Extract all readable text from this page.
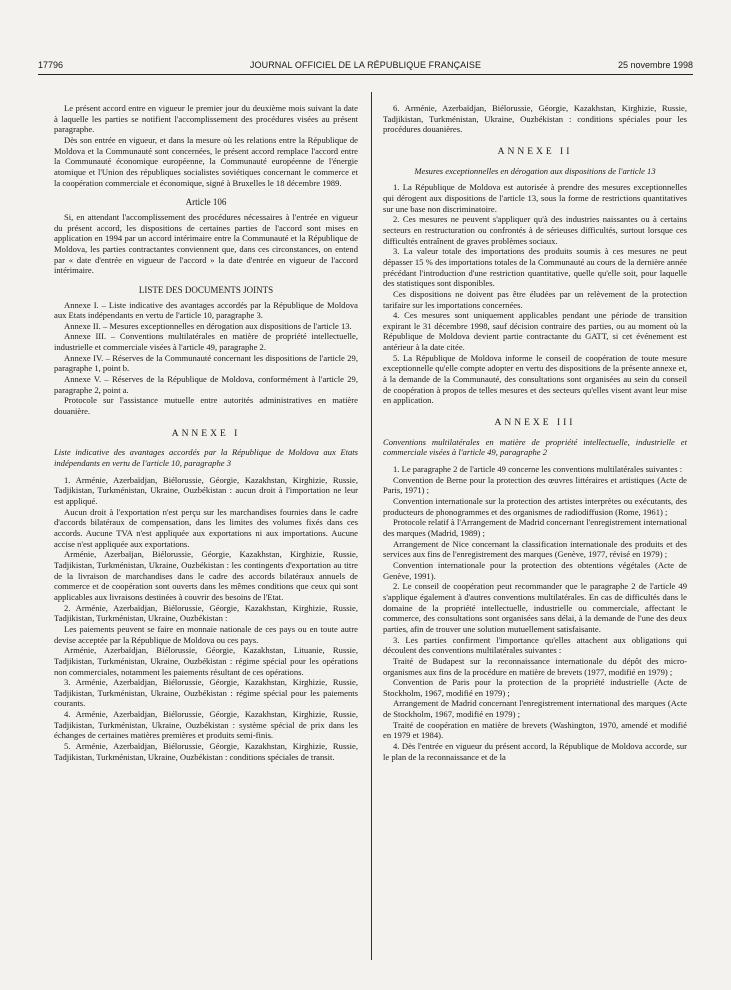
17796	JOURNAL OFFICIEL DE LA RÉPUBLIQUE FRANÇAISE	25 novembre 1998

Le présent accord entre en vigueur le premier jour du deuxième mois suivant la date à laquelle les parties se notifient l'accomplissement des procédures visées au présent paragraphe.

Dès son entrée en vigueur, et dans la mesure où les relations entre la République de Moldova et la Communauté sont concernées, le présent accord remplace l'accord entre la Communauté économique européenne, la Communauté européenne de l'énergie atomique et l'Union des républiques socialistes soviétiques concernant le commerce et la coopération commerciale et économique, signé à Bruxelles le 18 décembre 1989.

Article 106

Si, en attendant l'accomplissement des procédures nécessaires à l'entrée en vigueur du présent accord, les dispositions de certaines parties de l'accord sont mises en application en 1994 par un accord intérimaire entre la Communauté et la République de Moldova, les parties contractantes conviennent que, dans ces circonstances, on entend par « date d'entrée en vigueur de l'accord » la date d'entrée en vigueur de l'accord intérimaire.

LISTE DES DOCUMENTS JOINTS

Annexe I. – Liste indicative des avantages accordés par la République de Moldova aux Etats indépendants en vertu de l'article 10, paragraphe 3.

Annexe II. – Mesures exceptionnelles en dérogation aux dispositions de l'article 13.

Annexe III. – Conventions multilatérales en matière de propriété intellectuelle, industrielle et commerciale visées à l'article 49, paragraphe 2.

Annexe IV. – Réserves de la Communauté concernant les dispositions de l'article 29, paragraphe 1, point b.

Annexe V. – Réserves de la République de Moldova, conformément à l'article 29, paragraphe 2, point a.

Protocole sur l'assistance mutuelle entre autorités administratives en matière douanière.

ANNEXE I

Liste indicative des avantages accordés par la République de Moldova aux Etats indépendants en vertu de l'article 10, paragraphe 3

1. Arménie, Azerbaïdjan, Biélorussie, Géorgie, Kazakhstan, Kirghizie, Russie, Tadjikistan, Turkménistan, Ukraine, Ouzbékistan : aucun droit à l'importation ne leur est appliqué.

Aucun droit à l'exportation n'est perçu sur les marchandises fournies dans le cadre d'accords bilatéraux de compensation, dans les limites des volumes fixés dans ces accords. Aucune TVA n'est appliquée aux exportations ni aux importations. Aucune accise n'est appliquée aux exportations.

Arménie, Azerbaïjan, Biélorussie, Géorgie, Kazakhstan, Kirghizie, Russie, Tadjikistan, Turkménistan, Ukraine, Ouzbékistan : les contingents d'exportation au titre de la livraison de marchandises dans le cadre des accords bilatéraux annuels de commerce et de coopération sont ouverts dans les mêmes conditions que ceux qui sont applicables aux livraisons destinées à couvrir des besoins de l'Etat.

2. Arménie, Azerbaïdjan, Biélorussie, Géorgie, Kazakhstan, Kirghizie, Russie, Tadjikistan, Turkménistan, Ukraine, Ouzbékistan :

Les paiements peuvent se faire en monnaie nationale de ces pays ou en toute autre devise acceptée par la République de Moldova ou ces pays.

Arménie, Azerbaïdjan, Biélorussie, Géorgie, Kazakhstan, Lituanie, Russie, Tadjikistan, Turkménistan, Ukraine, Ouzbékistan : régime spécial pour les opérations non commerciales, notamment les paiements résultant de ces opérations.

3. Arménie, Azerbaïdjan, Biélorussie, Géorgie, Kazakhstan, Kirghizie, Russie, Tadjikistan, Turkménistan, Ukraine, Ouzbékistan : régime spécial pour les paiements courants.

4. Arménie, Azerbaïdjan, Biélorussie, Géorgie, Kazakhstan, Kirghizie, Russie, Tadjikistan, Turkménistan, Ukraine, Ouzbékistan : système spécial de prix dans les échanges de certaines matières premières et produits semi-finis.

5. Arménie, Azerbaïdjan, Biélorussie, Géorgie, Kazakhstan, Kirghizie, Russie, Tadjikistan, Turkménistan, Ukraine, Ouzbékistan : conditions spéciales de transit.

6. Arménie, Azerbaïdjan, Biélorussie, Géorgie, Kazakhstan, Kirghizie, Russie, Tadjikistan, Turkménistan, Ukraine, Ouzbékistan : conditions spéciales pour les procédures douanières.

ANNEXE II
Mesures exceptionnelles en dérogation aux dispositions de l'article 13

1. La République de Moldova est autorisée à prendre des mesures exceptionnelles qui dérogent aux dispositions de l'article 13, sous la forme de restrictions quantitatives sur une base non discriminatoire.

2. Ces mesures ne peuvent s'appliquer qu'à des industries naissantes ou à certains secteurs en restructuration ou confrontés à de sérieuses difficultés, surtout lorsque ces difficultés entraînent de graves problèmes sociaux.

3. La valeur totale des importations des produits soumis à ces mesures ne peut dépasser 15 % des importations totales de la Communauté au cours de la dernière année précédant l'introduction d'une restriction quantitative, quelle qu'elle soit, pour laquelle des statistiques sont disponibles.

Ces dispositions ne doivent pas être éludées par un relèvement de la protection tarifaire sur les importations concernées.

4. Ces mesures sont uniquement applicables pendant une période de transition expirant le 31 décembre 1998, sauf décision contraire des parties, ou au moment où la République de Moldova devient partie contractante du GATT, si cet événement est antérieur à la date citée.

5. La République de Moldova informe le conseil de coopération de toute mesure exceptionnelle qu'elle compte adopter en vertu des dispositions de la présente annexe et, à la demande de la Communauté, des consultations sont organisées au sein du conseil de coopération à propos de telles mesures et des secteurs qu'elles visent avant leur mise en application.

ANNEXE III

Conventions multilatérales en matière de propriété intellectuelle, industrielle et commerciale visées à l'article 49, paragraphe 2

1. Le paragraphe 2 de l'article 49 concerne les conventions multilatérales suivantes :

Convention de Berne pour la protection des œuvres littéraires et artistiques (Acte de Paris, 1971) ;

Convention internationale sur la protection des artistes interprètes ou exécutants, des producteurs de phonogrammes et des organismes de radiodiffusion (Rome, 1961) ;

Protocole relatif à l'Arrangement de Madrid concernant l'enregistrement international des marques (Madrid, 1989) ;

Arrangement de Nice concernant la classification internationale des produits et des services aux fins de l'enregistrement des marques (Genève, 1977, révisé en 1979) ;

Convention internationale pour la protection des obtentions végétales (Acte de Genève, 1991).

2. Le conseil de coopération peut recommander que le paragraphe 2 de l'article 49 s'applique également à d'autres conventions multilatérales. En cas de difficultés dans le domaine de la propriété intellectuelle, industrielle ou commerciale, affectant le commerce, des consultations sont organisées sans délai, à la demande de l'une des deux parties, afin de trouver une solution mutuellement satisfaisante.

3. Les parties confirment l'importance qu'elles attachent aux obligations qui découlent des conventions multilatérales suivantes :

Traité de Budapest sur la reconnaissance internationale du dépôt des micro-organismes aux fins de la procédure en matière de brevets (1977, modifié en 1979) ;

Convention de Paris pour la protection de la propriété industrielle (Acte de Stockholm, 1967, modifié en 1979) ;

Arrangement de Madrid concernant l'enregistrement international des marques (Acte de Stockholm, 1967, modifié en 1979) ;

Traité de coopération en matière de brevets (Washington, 1970, amendé et modifié en 1979 et 1984).

4. Dès l'entrée en vigueur du présent accord, la République de Moldova accorde, sur le plan de la reconnaissance et de la
